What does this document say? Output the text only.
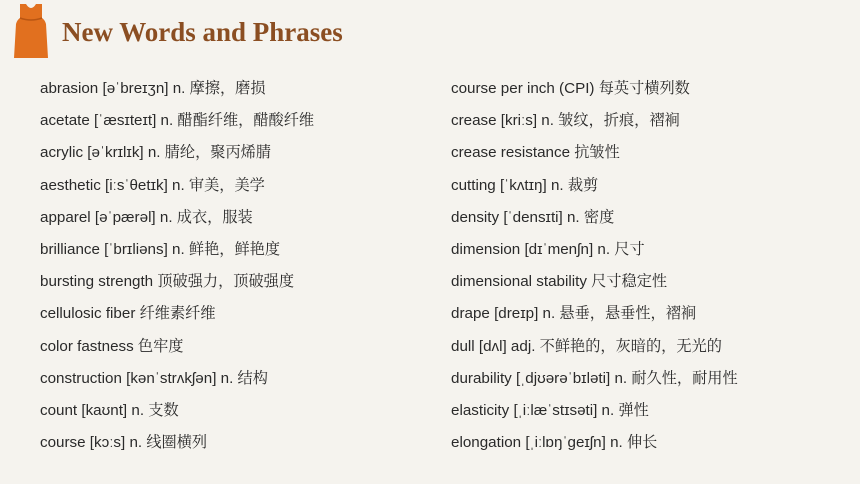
New Words and Phrases
abrasion [əˈbreɪʒn] n. 摩擦，磨损
acetate [ˈæsɪteɪt] n. 醋酯纤维，醋酸纤维
acrylic [əˈkrɪlɪk] n. 腈纶，聚丙烯腈
aesthetic [iːsˈθetɪk] n. 审美，美学
apparel [əˈpærəl] n. 成衣，服装
brilliance [ˈbrɪliəns] n. 鲜艳，鲜艳度
bursting strength 顶破强力，顶破强度
cellulosic fiber 纤维素纤维
color fastness 色牢度
construction [kənˈstrʌkʃən] n. 结构
count [kaʊnt] n. 支数
course [kɔːs] n. 线圈横列
course per inch (CPI) 每英寸横列数
crease [kriːs] n. 皱纹，折痕，褶裥
crease resistance 抗皱性
cutting [ˈkʌtɪŋ] n. 裁剪
density [ˈdensɪti] n. 密度
dimension [dɪˈmenʃn] n. 尺寸
dimensional stability 尺寸稳定性
drape [dreɪp] n. 悬垂，悬垂性，褶裥
dull [dʌl] adj. 不鲜艳的，灰暗的，无光的
durability [ˌdjʊərəˈbɪləti] n. 耐久性，耐用性
elasticity [ˌiːlæˈstɪsəti] n. 弹性
elongation [ˌiːlɒŋˈgeɪʃn] n. 伸长
